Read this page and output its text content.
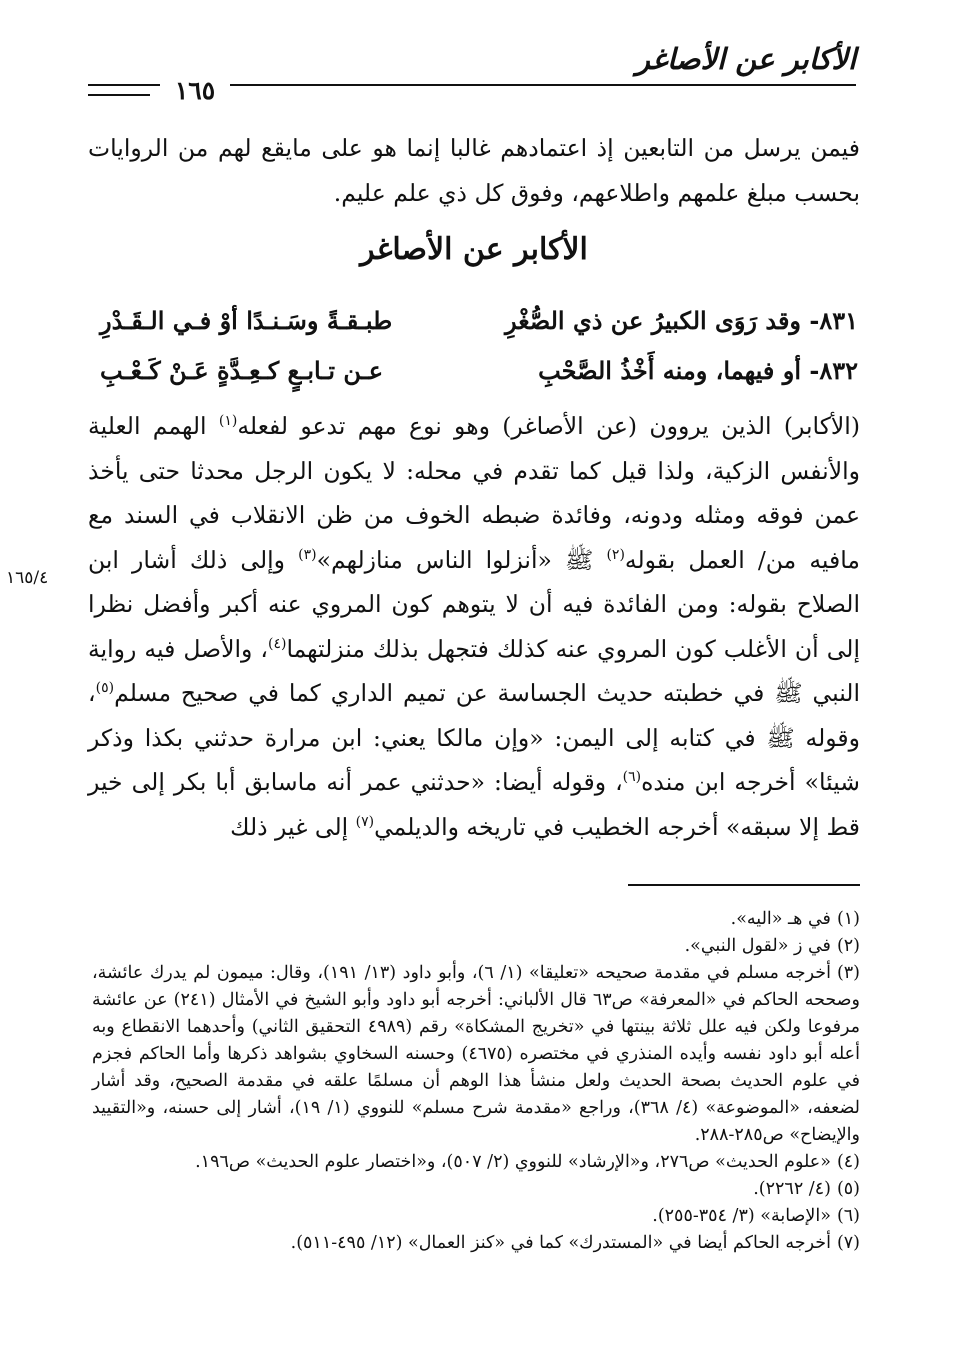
الأكابر عن الأصاغر
١٦٥

فيمن يرسل من التابعين إذ اعتمادهم غالبا إنما هو على مايقع لهم من الروايات بحسب مبلغ علمهم واطلاعهم، وفوق كل ذي علم عليم.

الأكابر عن الأصاغر
٨٣١- وقد رَوَى الكبيرُ عن ذي الصُّغْرِ
طبـقـةً وسَـنـدًا أوْ فـي الـقَـدْرِ
٨٣٢- أو فيهما، ومنه أَخْذُ الصَّحْبِ
عـن تـابـعٍ كـعِـدَّةٍ عَـنْ كَـعْـبِ

(الأكابر) الذين يروون (عن الأصاغر) وهو نوع مهم تدعو لفعله$^{(١)}$ الهمم العلية والأنفس الزكية، ولذا قيل كما تقدم في محله: لا يكون الرجل محدثا حتى يأخذ عمن فوقه ومثله ودونه، وفائدة ضبطه الخوف من ظن الانقلاب في السند مع مافيه من/ العمل بقوله$^{(٢)}$ ﷺ «أنزلوا الناس منازلهم»$^{(٣)}$ وإلى ذلك أشار ابن الصلاح بقوله: ومن الفائدة فيه أن لا يتوهم كون المروي عنه أكبر وأفضل نظرا إلى أن الأغلب كون المروي عنه كذلك فتجهل بذلك منزلتهما$^{(٤)}$، والأصل فيه رواية النبي ﷺ في خطبته حديث الجساسة عن تميم الداري كما في صحيح مسلم$^{(٥)}$، وقوله ﷺ في كتابه إلى اليمن: «وإن مالكا يعني: ابن مرارة حدثني بكذا وذكر شيئا» أخرجه ابن منده$^{(٦)}$، وقوله أيضا: «حدثني عمر أنه ماسابق أبا بكر إلى خير قط إلا سبقه» أخرجه الخطيب في تاريخه والديلمي$^{(٧)}$ إلى غير ذلك

١٦٥/٤
(١)في هـ «اليه».
(٢)في ز «لقول النبي».
(٣)أخرجه مسلم في مقدمة صحيحه «تعليقا» (١/ ٦)، وأبو داود (١٣/ ١٩١)، وقال: ميمون لم يدرك عائشة، وصححه الحاكم في «المعرفة» ص٦٣ قال الألباني: أخرجه أبو داود وأبو الشيخ في الأمثال (٢٤١) عن عائشة مرفوعا ولكن فيه علل ثلاثة بينتها في «تخريج المشكاة» رقم (٤٩٨٩ التحقيق الثاني) وأحدهما الانقطاع وبه أعله أبو داود نفسه وأيده المنذري في مختصره (٤٦٧٥) وحسنه السخاوي بشواهد ذكرها وأما الحاكم فجزم في علوم الحديث بصحة الحديث ولعل منشأ هذا الوهم أن مسلمًا علقه في مقدمة الصحيح، وقد أشار لضعفه، «الموضوعة» (٤/ ٣٦٨)، وراجع «مقدمة شرح مسلم» للنووي (١/ ١٩)، أشار إلى حسنه، و«التقييد والإيضاح» ص٢٨٥-٢٨٨.
(٤)«علوم الحديث» ص٢٧٦، و«الإرشاد» للنووي (٢/ ٥٠٧)، و«اختصار علوم الحديث» ص١٩٦.
(٥)(٤/ ٢٢٦٢).
(٦)«الإصابة» (٣/ ٣٥٤-٢٥٥).
(٧)أخرجه الحاكم أيضا في «المستدرك» كما في «كنز العمال» (١٢/ ٤٩٥-٥١١).
